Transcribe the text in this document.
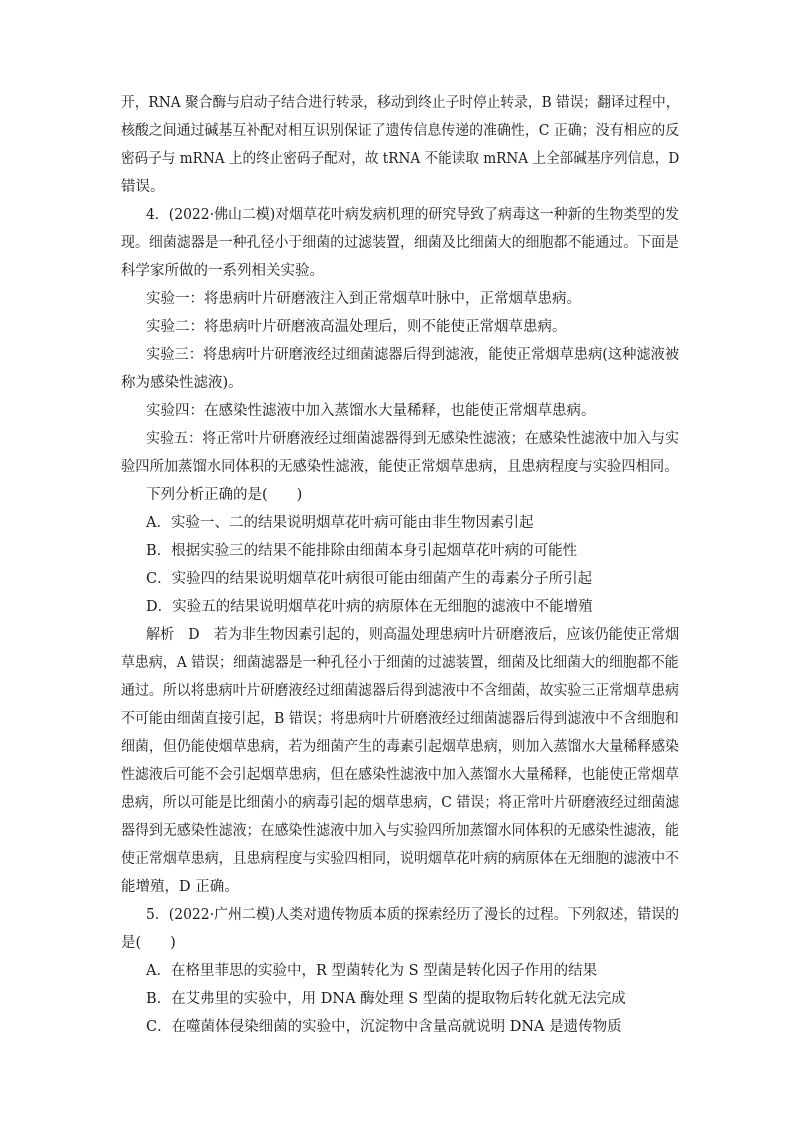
开，RNA 聚合酶与启动子结合进行转录，移动到终止子时停止转录，B 错误；翻译过程中，
核酸之间通过碱基互补配对相互识别保证了遗传信息传递的准确性，C 正确；没有相应的反
密码子与 mRNA 上的终止密码子配对，故 tRNA 不能读取 mRNA 上全部碱基序列信息，D
错误。
4．(2022·佛山二模)对烟草花叶病发病机理的研究导致了病毒这一种新的生物类型的发
现。细菌滤器是一种孔径小于细菌的过滤装置，细菌及比细菌大的细胞都不能通过。下面是
科学家所做的一系列相关实验。
实验一：将患病叶片研磨液注入到正常烟草叶脉中，正常烟草患病。
实验二：将患病叶片研磨液高温处理后，则不能使正常烟草患病。
实验三：将患病叶片研磨液经过细菌滤器后得到滤液，能使正常烟草患病(这种滤液被
称为感染性滤液)。
实验四：在感染性滤液中加入蒸馏水大量稀释，也能使正常烟草患病。
实验五：将正常叶片研磨液经过细菌滤器得到无感染性滤液；在感染性滤液中加入与实
验四所加蒸馏水同体积的无感染性滤液，能使正常烟草患病，且患病程度与实验四相同。
下列分析正确的是(　　)
A．实验一、二的结果说明烟草花叶病可能由非生物因素引起
B．根据实验三的结果不能排除由细菌本身引起烟草花叶病的可能性
C．实验四的结果说明烟草花叶病很可能由细菌产生的毒素分子所引起
D．实验五的结果说明烟草花叶病的病原体在无细胞的滤液中不能增殖
解析　D　若为非生物因素引起的，则高温处理患病叶片研磨液后，应该仍能使正常烟
草患病，A 错误；细菌滤器是一种孔径小于细菌的过滤装置，细菌及比细菌大的细胞都不能
通过。所以将患病叶片研磨液经过细菌滤器后得到滤液中不含细菌，故实验三正常烟草患病
不可能由细菌直接引起，B 错误；将患病叶片研磨液经过细菌滤器后得到滤液中不含细胞和
细菌，但仍能使烟草患病，若为细菌产生的毒素引起烟草患病，则加入蒸馏水大量稀释感染
性滤液后可能不会引起烟草患病，但在感染性滤液中加入蒸馏水大量稀释，也能使正常烟草
患病，所以可能是比细菌小的病毒引起的烟草患病，C 错误；将正常叶片研磨液经过细菌滤
器得到无感染性滤液；在感染性滤液中加入与实验四所加蒸馏水同体积的无感染性滤液，能
使正常烟草患病，且患病程度与实验四相同，说明烟草花叶病的病原体在无细胞的滤液中不
能增殖，D 正确。
5．(2022·广州二模)人类对遗传物质本质的探索经历了漫长的过程。下列叙述，错误的
是(　　)
A．在格里菲思的实验中，R 型菌转化为 S 型菌是转化因子作用的结果
B．在艾弗里的实验中，用 DNA 酶处理 S 型菌的提取物后转化就无法完成
C．在噬菌体侵染细菌的实验中，沉淀物中含量高就说明 DNA 是遗传物质
